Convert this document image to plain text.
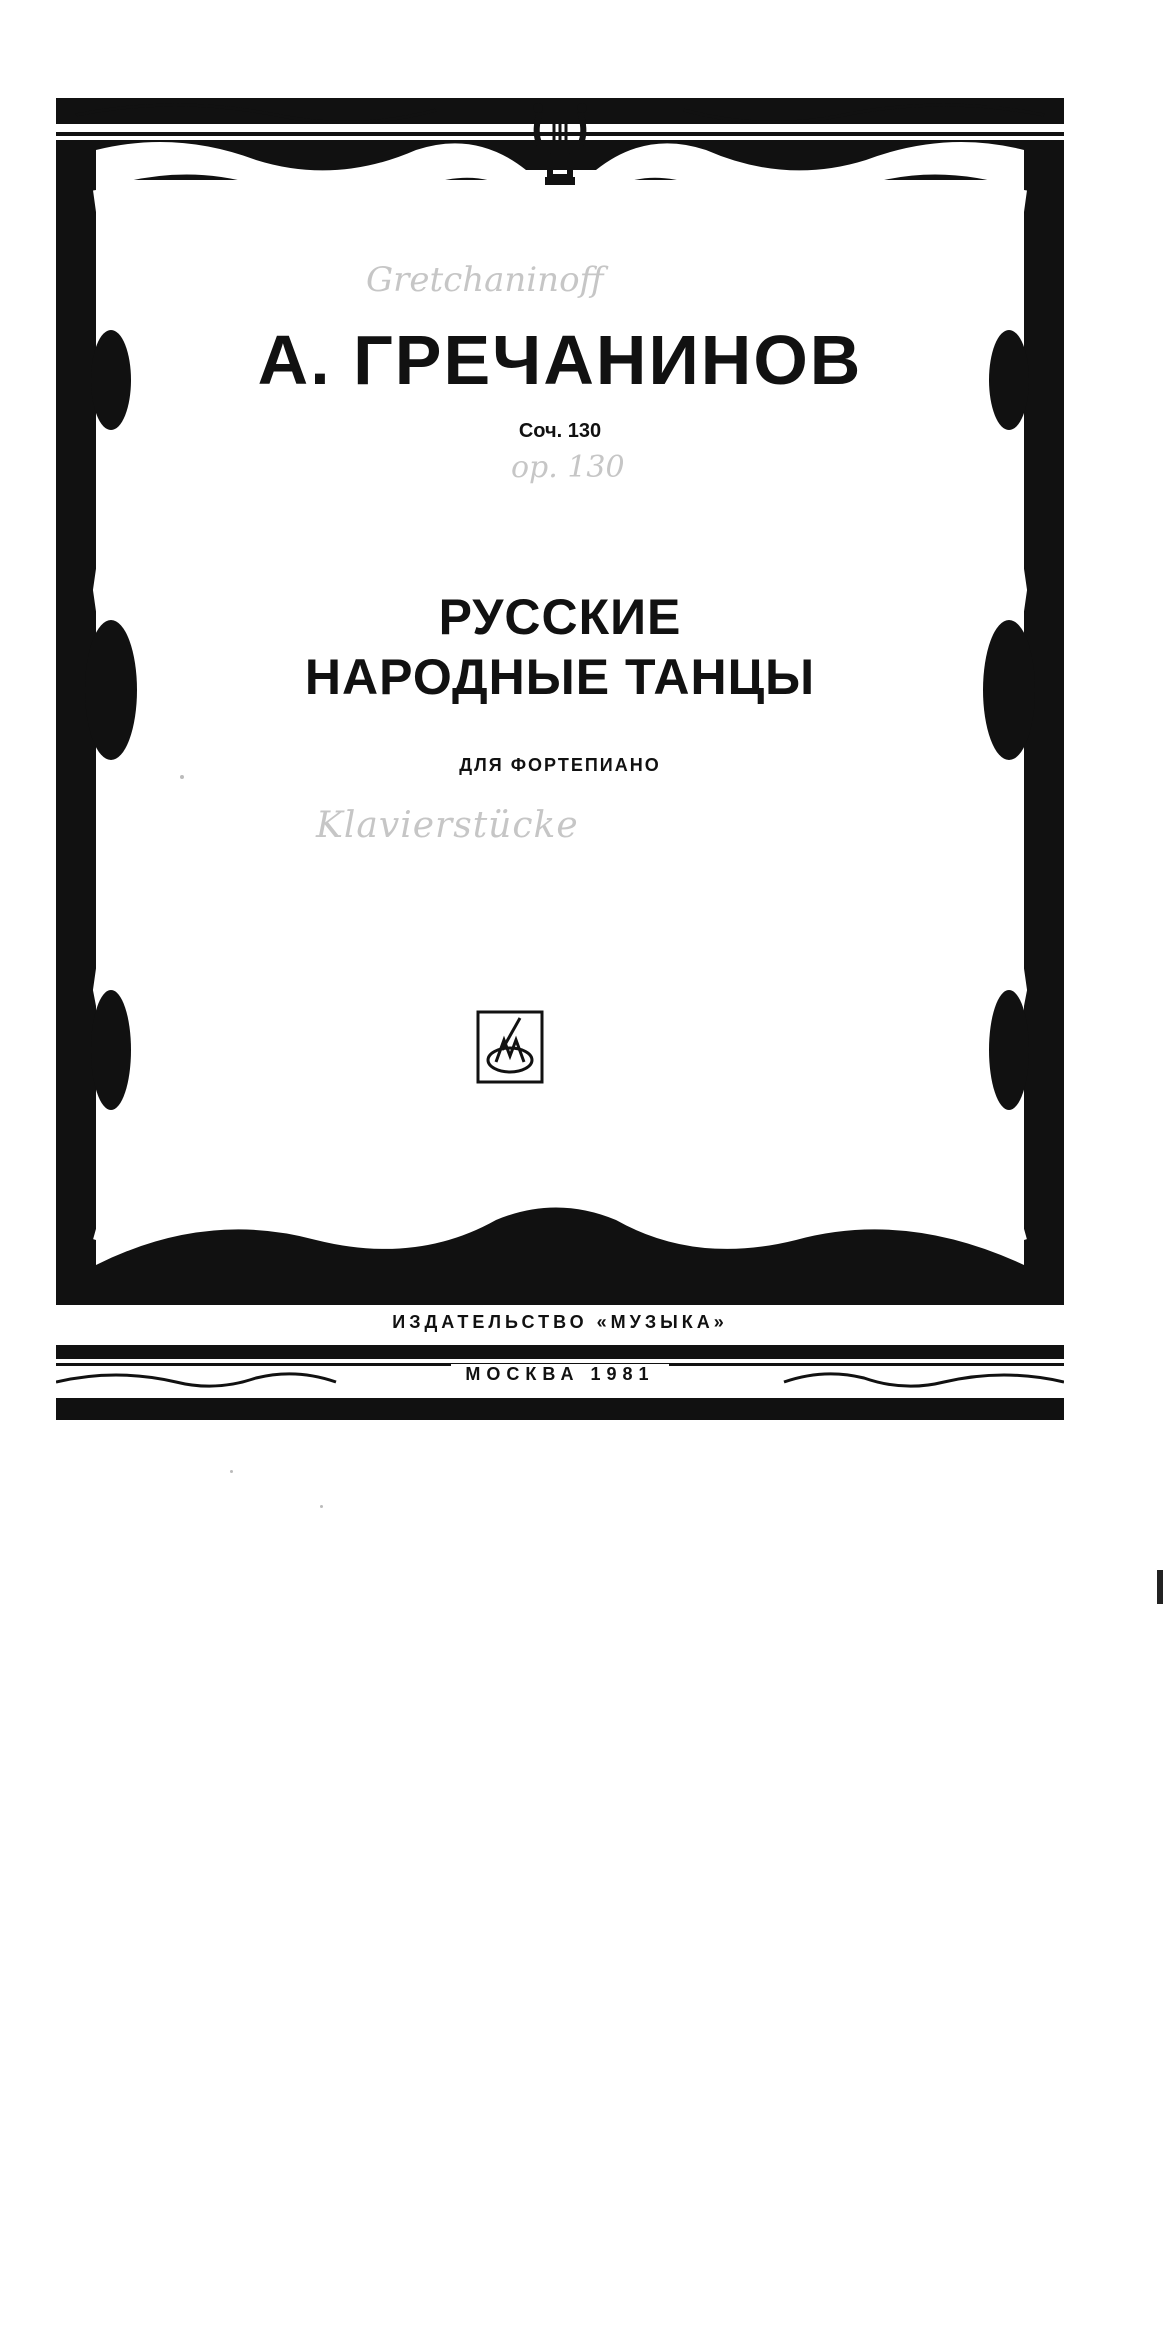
Gretchaninoff
А. ГРЕЧАНИНОВ
Соч. 130
op. 130
РУССКИЕ
НАРОДНЫЕ ТАНЦЫ
ДЛЯ ФОРТЕПИАНО
Klavierstücke
ИЗДАТЕЛЬСТВО «МУЗЫКА»
МОСКВА 1981
